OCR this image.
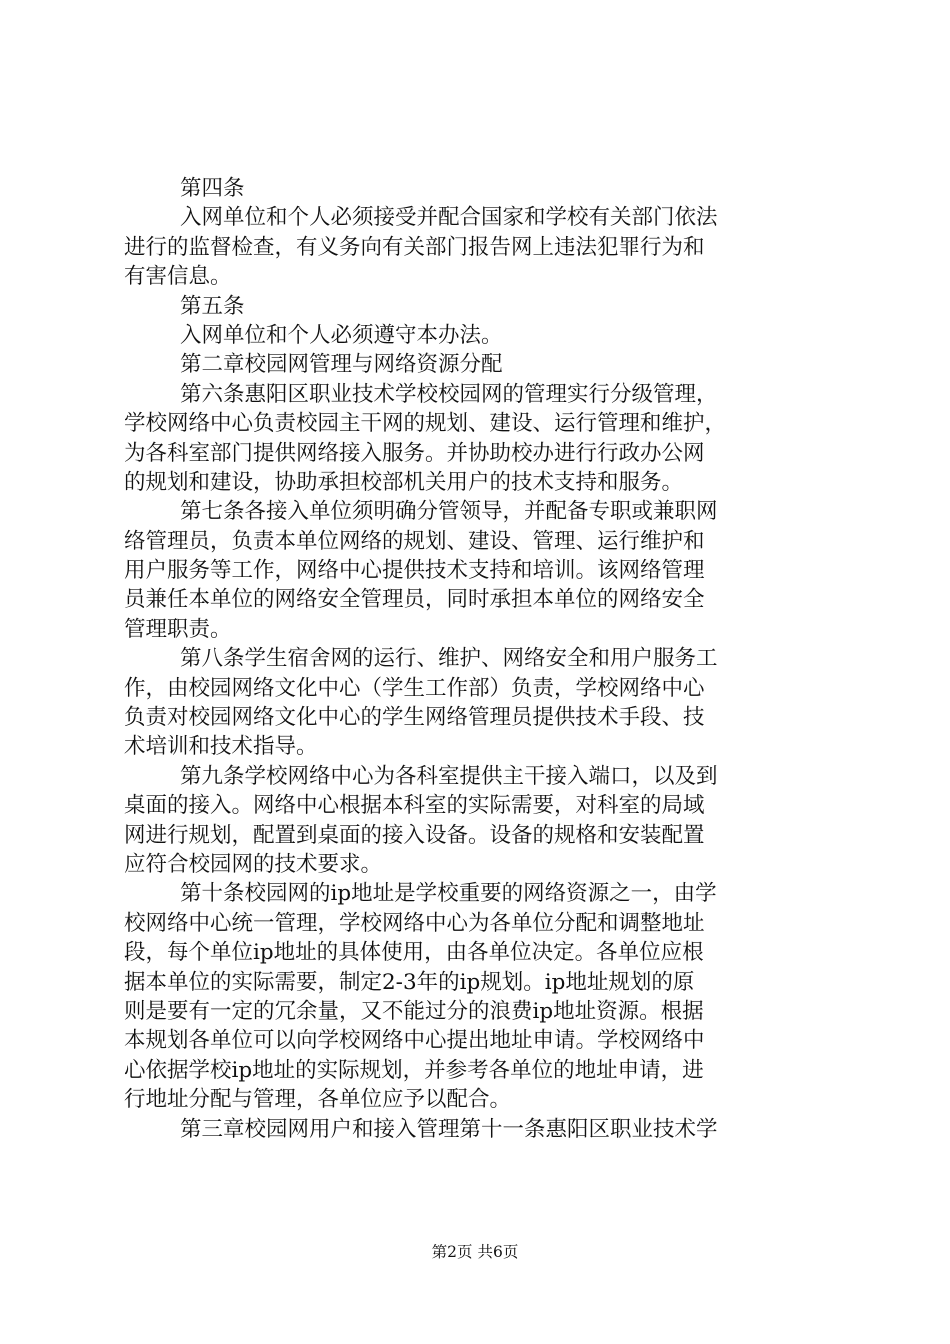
第四条
入网单位和个人必须接受并配合国家和学校有关部门依法
进行的监督检查，有义务向有关部门报告网上违法犯罪行为和
有害信息。
第五条
入网单位和个人必须遵守本办法。
第二章校园网管理与网络资源分配
第六条惠阳区职业技术学校校园网的管理实行分级管理，
学校网络中心负责校园主干网的规划、建设、运行管理和维护，
为各科室部门提供网络接入服务。并协助校办进行行政办公网
的规划和建设，协助承担校部机关用户的技术支持和服务。
第七条各接入单位须明确分管领导，并配备专职或兼职网
络管理员，负责本单位网络的规划、建设、管理、运行维护和
用户服务等工作，网络中心提供技术支持和培训。该网络管理
员兼任本单位的网络安全管理员，同时承担本单位的网络安全
管理职责。
第八条学生宿舍网的运行、维护、网络安全和用户服务工
作，由校园网络文化中心（学生工作部）负责，学校网络中心
负责对校园网络文化中心的学生网络管理员提供技术手段、技
术培训和技术指导。
第九条学校网络中心为各科室提供主干接入端口，以及到
桌面的接入。网络中心根据本科室的实际需要，对科室的局域
网进行规划，配置到桌面的接入设备。设备的规格和安装配置
应符合校园网的技术要求。
第十条校园网的ip地址是学校重要的网络资源之一，由学
校网络中心统一管理，学校网络中心为各单位分配和调整地址
段，每个单位ip地址的具体使用，由各单位决定。各单位应根
据本单位的实际需要，制定2-3年的ip规划。ip地址规划的原
则是要有一定的冗余量，又不能过分的浪费ip地址资源。根据
本规划各单位可以向学校网络中心提出地址申请。学校网络中
心依据学校ip地址的实际规划，并参考各单位的地址申请，进
行地址分配与管理，各单位应予以配合。
第三章校园网用户和接入管理第十一条惠阳区职业技术学
第2页 共6页
